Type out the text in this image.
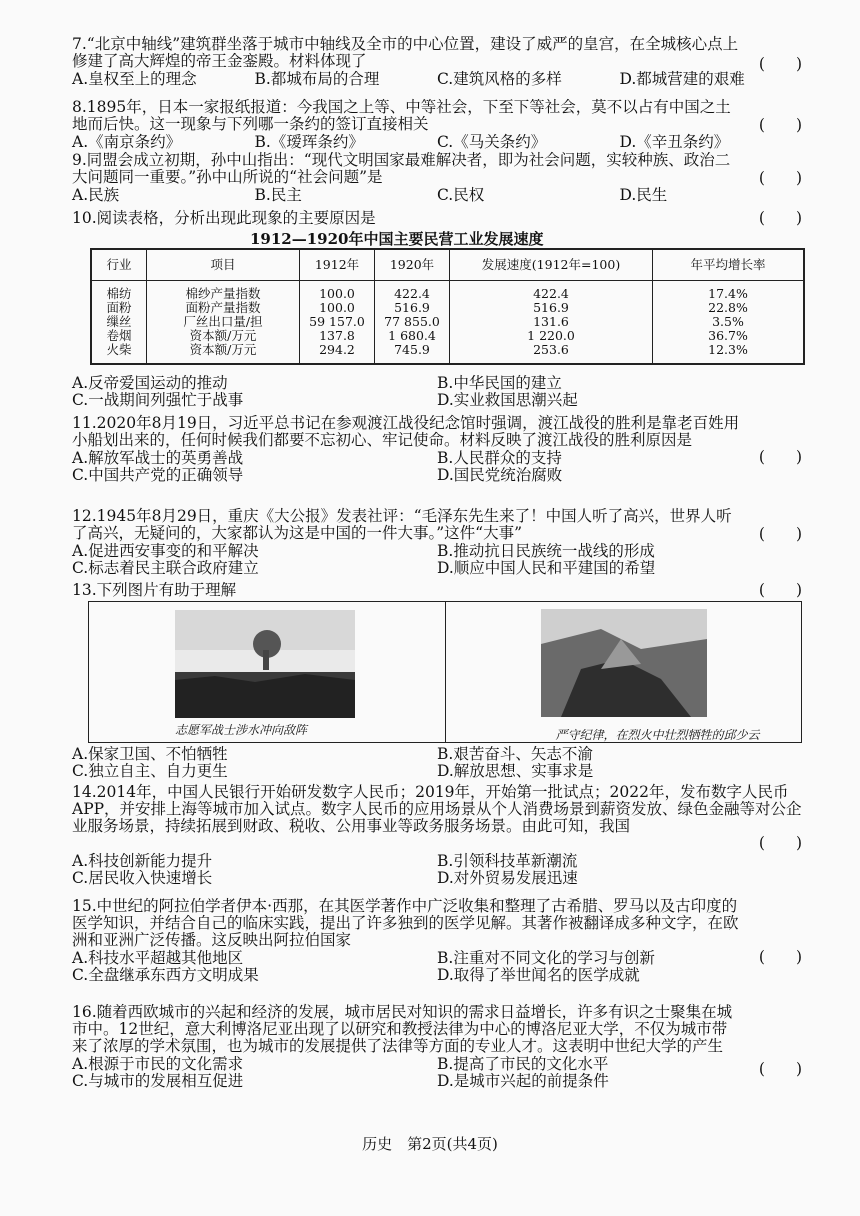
7.“北京中轴线”建筑群坐落于城市中轴线及全市的中心位置，建设了威严的皇宫，在全城核心点上修建了高大辉煌的帝王金銮殿。材料体现了	(　　)
A.皇权至上的理念	B.都城布局的合理	C.建筑风格的多样	D.都城营建的艰难

8.1895年，日本一家报纸报道：今我国之上等、中等社会，下至下等社会，莫不以占有中国之土地而后快。这一现象与下列哪一条约的签订直接相关	(　　)
A.《南京条约》	B.《瑷珲条约》	C.《马关条约》	D.《辛丑条约》

9.同盟会成立初期，孙中山指出：“现代文明国家最难解决者，即为社会问题，实较种族、政治二大问题同一重要。”孙中山所说的“社会问题”是	(　　)
A.民族	B.民主	C.民权	D.民生

10.阅读表格，分析出现此现象的主要原因是	(　　)
1912—1920年中国主要民营工业发展速度
行业	项目	1912年	1920年	发展速度(1912年=100)	年平均增长率
棉纺	棉纱产量指数	100.0	422.4	422.4	17.4%
面粉	面粉产量指数	100.0	516.9	516.9	22.8%
缫丝	厂丝出口量/担	59 157.0	77 855.0	131.6	3.5%
卷烟	资本额/万元	137.8	1 680.4	1 220.0	36.7%
火柴	资本额/万元	294.2	745.9	253.6	12.3%
A.反帝爱国运动的推动	B.中华民国的建立
C.一战期间列强忙于战事	D.实业救国思潮兴起

11.2020年8月19日，习近平总书记在参观渡江战役纪念馆时强调，渡江战役的胜利是靠老百姓用小船划出来的，任何时候我们都要不忘初心、牢记使命。材料反映了渡江战役的胜利原因是

(　　)
A.解放军战士的英勇善战	B.人民群众的支持
C.中国共产党的正确领导	D.国民党统治腐败

12.1945年8月29日，重庆《大公报》发表社评：“毛泽东先生来了！中国人听了高兴，世界人听了高兴，无疑问的，大家都认为这是中国的一件大事。”这件“大事”	(　　)
A.促进西安事变的和平解决	B.推动抗日民族统一战线的形成
C.标志着民主联合政府建立	D.顺应中国人民和平建国的希望

13.下列图片有助于理解	(　　)
志愿军战士涉水冲向敌阵	严守纪律，在烈火中壮烈牺牲的邱少云
A.保家卫国、不怕牺牲	B.艰苦奋斗、矢志不渝
C.独立自主、自力更生	D.解放思想、实事求是

14.2014年，中国人民银行开始研发数字人民币；2019年，开始第一批试点；2022年，发布数字人民币APP，并安排上海等城市加入试点。数字人民币的应用场景从个人消费场景到薪资发放、绿色金融等对公企业服务场景，持续拓展到财政、税收、公用事业等政务服务场景。由此可知，我国

(　　)
A.科技创新能力提升	B.引领科技革新潮流
C.居民收入快速增长	D.对外贸易发展迅速

15.中世纪的阿拉伯学者伊本·西那，在其医学著作中广泛收集和整理了古希腊、罗马以及古印度的医学知识，并结合自己的临床实践，提出了许多独到的医学见解。其著作被翻译成多种文字，在欧洲和亚洲广泛传播。这反映出阿拉伯国家

(　　)
A.科技水平超越其他地区	B.注重对不同文化的学习与创新
C.全盘继承东西方文明成果	D.取得了举世闻名的医学成就

16.随着西欧城市的兴起和经济的发展，城市居民对知识的需求日益增长，许多有识之士聚集在城市中。12世纪，意大利博洛尼亚出现了以研究和教授法律为中心的博洛尼亚大学，不仅为城市带来了浓厚的学术氛围，也为城市的发展提供了法律等方面的专业人才。这表明中世纪大学的产生

(　　)
A.根源于市民的文化需求	B.提高了市民的文化水平
C.与城市的发展相互促进	D.是城市兴起的前提条件
历史　第2页(共4页)
